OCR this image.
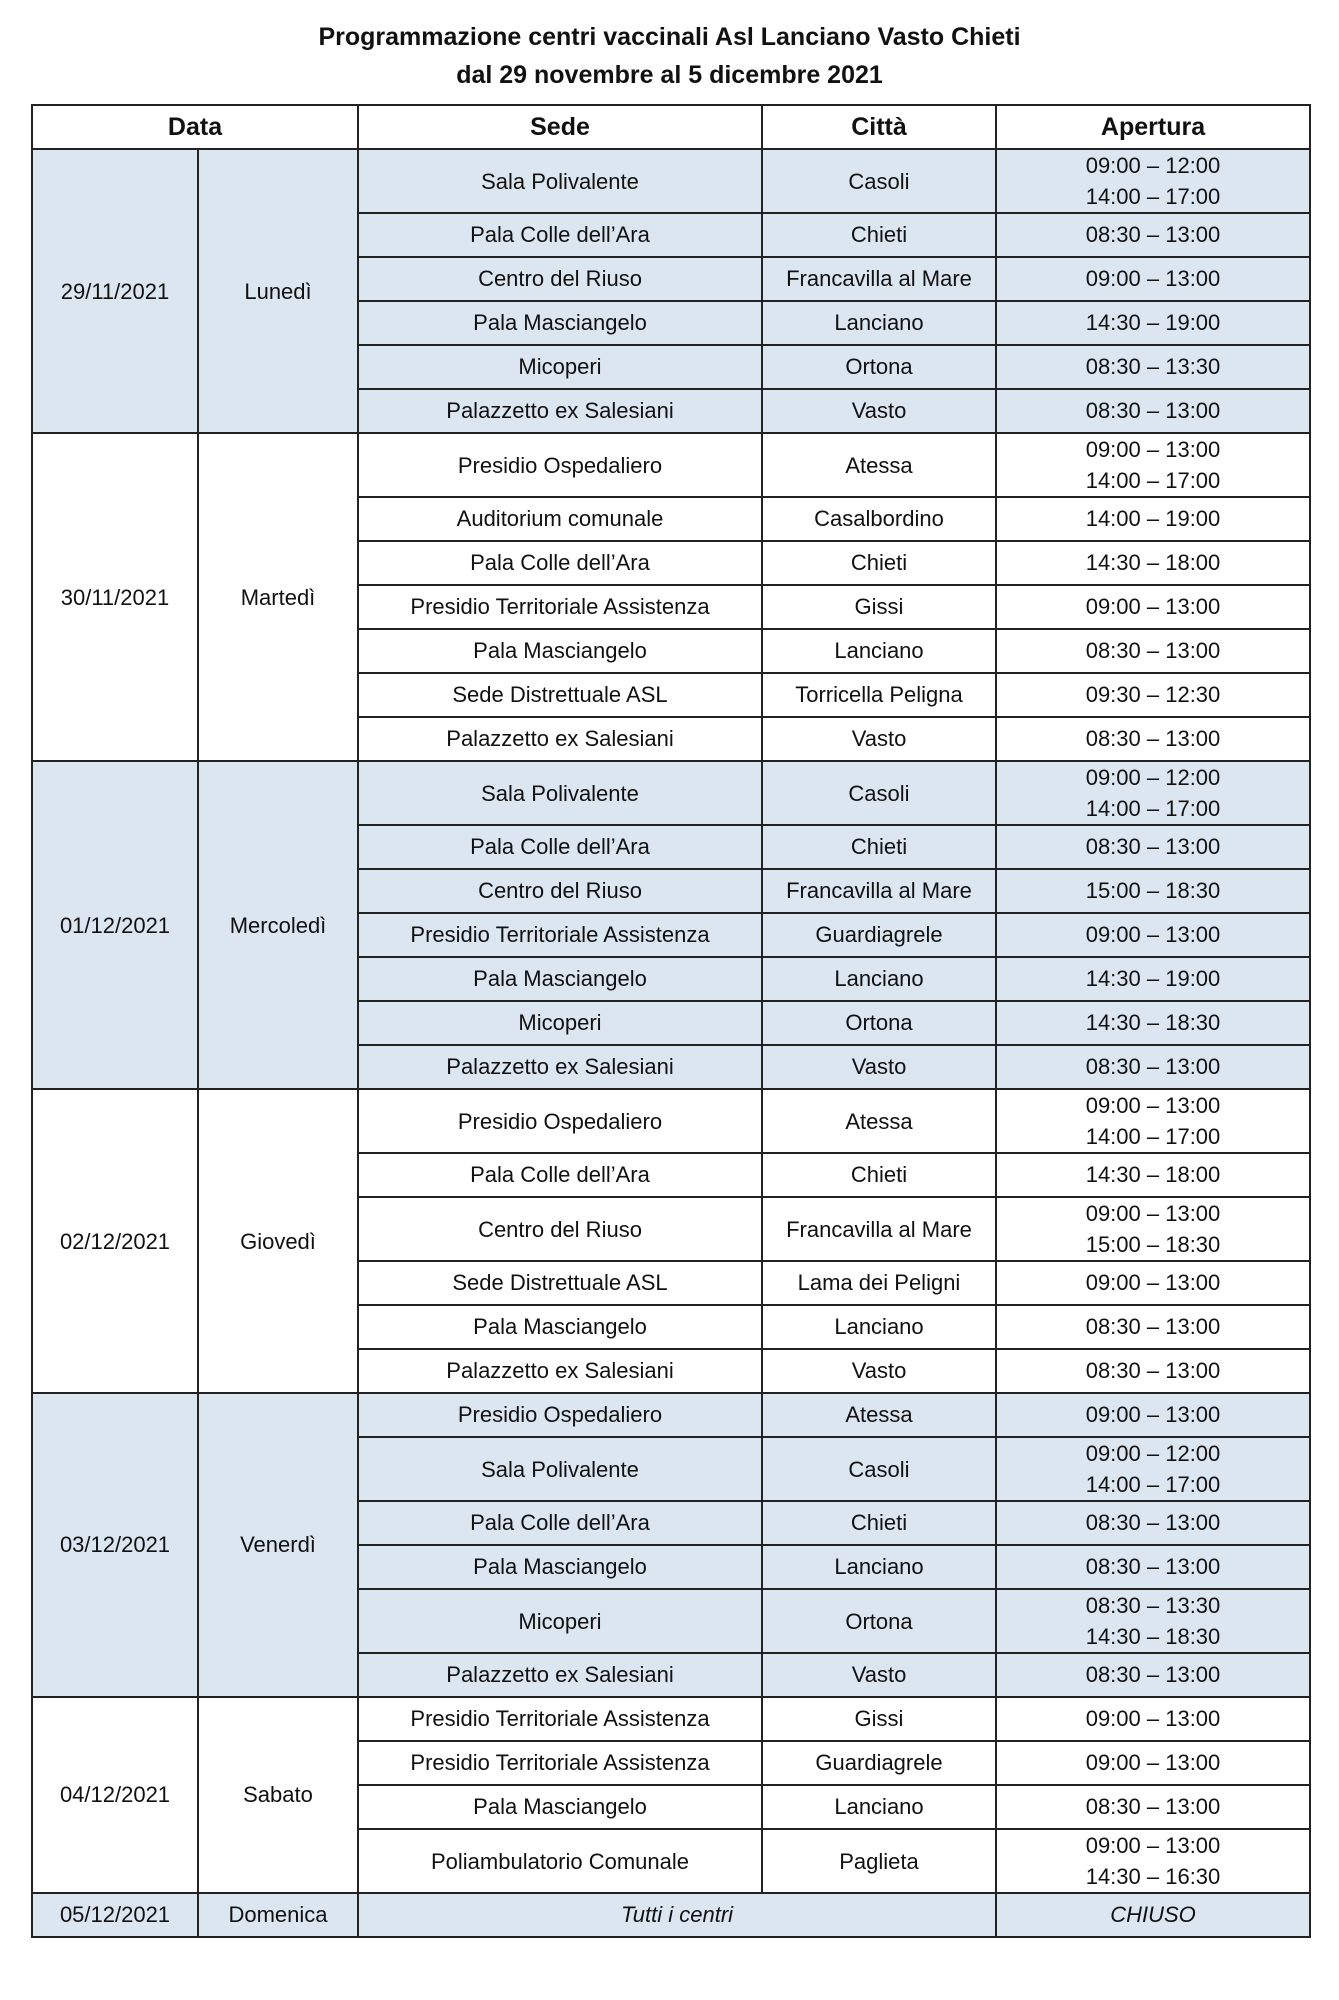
Programmazione centri vaccinali Asl Lanciano Vasto Chieti
dal 29 novembre al 5 dicembre 2021
Data		Sede	Città	Apertura
29/11/2021	Lunedì	Sala Polivalente	Casoli	09:00 – 12:00
14:00 – 17:00

		Pala Colle dell’Ara	Chieti	08:30 – 13:00

		Centro del Riuso	Francavilla al Mare	09:00 – 13:00

		Pala Masciangelo	Lanciano	14:30 – 19:00

		Micoperi	Ortona	08:30 – 13:30

		Palazzetto ex Salesiani	Vasto	08:30 – 13:00

30/11/2021	Martedì	Presidio Ospedaliero	Atessa	09:00 – 13:00
14:00 – 17:00

		Auditorium comunale	Casalbordino	14:00 – 19:00

		Pala Colle dell’Ara	Chieti	14:30 – 18:00

		Presidio Territoriale Assistenza	Gissi	09:00 – 13:00

		Pala Masciangelo	Lanciano	08:30 – 13:00

		Sede Distrettuale ASL	Torricella Peligna	09:30 – 12:30

		Palazzetto ex Salesiani	Vasto	08:30 – 13:00

01/12/2021	Mercoledì	Sala Polivalente	Casoli	09:00 – 12:00
14:00 – 17:00

		Pala Colle dell’Ara	Chieti	08:30 – 13:00

		Centro del Riuso	Francavilla al Mare	15:00 – 18:30

		Presidio Territoriale Assistenza	Guardiagrele	09:00 – 13:00

		Pala Masciangelo	Lanciano	14:30 – 19:00

		Micoperi	Ortona	14:30 – 18:30

		Palazzetto ex Salesiani	Vasto	08:30 – 13:00

02/12/2021	Giovedì	Presidio Ospedaliero	Atessa	09:00 – 13:00
14:00 – 17:00

		Pala Colle dell’Ara	Chieti	14:30 – 18:00

		Centro del Riuso	Francavilla al Mare	09:00 – 13:00
15:00 – 18:30

		Sede Distrettuale ASL	Lama dei Peligni	09:00 – 13:00

		Pala Masciangelo	Lanciano	08:30 – 13:00

		Palazzetto ex Salesiani	Vasto	08:30 – 13:00

03/12/2021	Venerdì	Presidio Ospedaliero	Atessa	09:00 – 13:00

		Sala Polivalente	Casoli	09:00 – 12:00
14:00 – 17:00

		Pala Colle dell’Ara	Chieti	08:30 – 13:00

		Pala Masciangelo	Lanciano	08:30 – 13:00

		Micoperi	Ortona	08:30 – 13:30
14:30 – 18:30

		Palazzetto ex Salesiani	Vasto	08:30 – 13:00

04/12/2021	Sabato	Presidio Territoriale Assistenza	Gissi	09:00 – 13:00

		Presidio Territoriale Assistenza	Guardiagrele	09:00 – 13:00

		Pala Masciangelo	Lanciano	08:30 – 13:00

		Poliambulatorio Comunale	Paglieta	09:00 – 13:00
14:30 – 16:30

05/12/2021	Domenica	Tutti i centri		CHIUSO
